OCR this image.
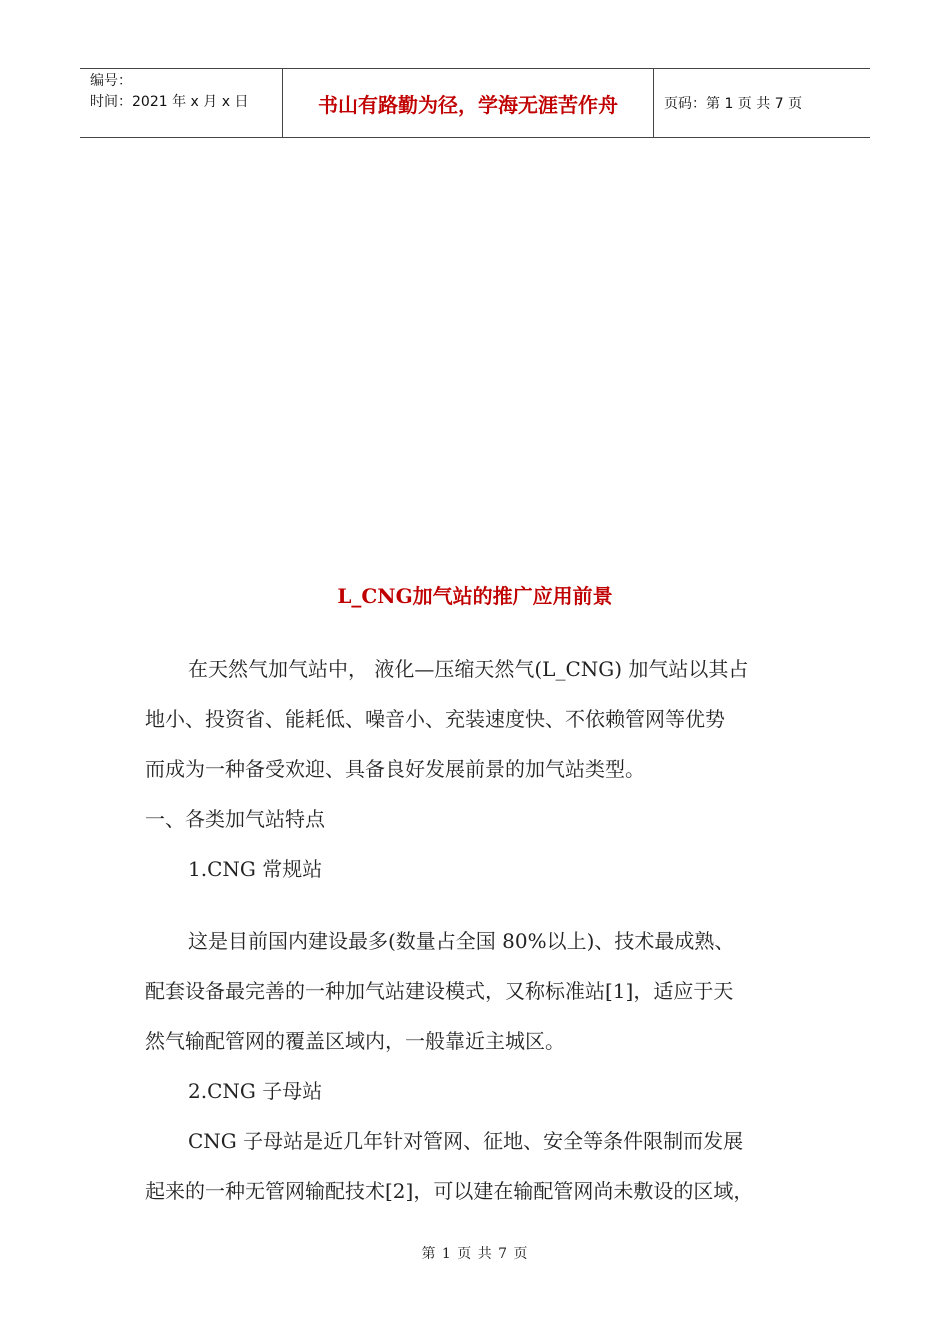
编号：
时间：2021 年 x 月 x 日	书山有路勤为径，学海无涯苦作舟	页码：第 1 页 共 7 页
L_CNG加气站的推广应用前景
在天然气加气站中， 液化—压缩天然气(L_CNG) 加气站以其占
地小、投资省、能耗低、噪音小、充装速度快、不依赖管网等优势
而成为一种备受欢迎、具备良好发展前景的加气站类型。
一、各类加气站特点
1.CNG 常规站
这是目前国内建设最多(数量占全国 80%以上)、技术最成熟、
配套设备最完善的一种加气站建设模式，又称标准站[1]，适应于天
然气输配管网的覆盖区域内，一般靠近主城区。
2.CNG 子母站
CNG 子母站是近几年针对管网、征地、安全等条件限制而发展
起来的一种无管网输配技术[2]，可以建在输配管网尚未敷设的区域，
第 1 页 共 7 页
